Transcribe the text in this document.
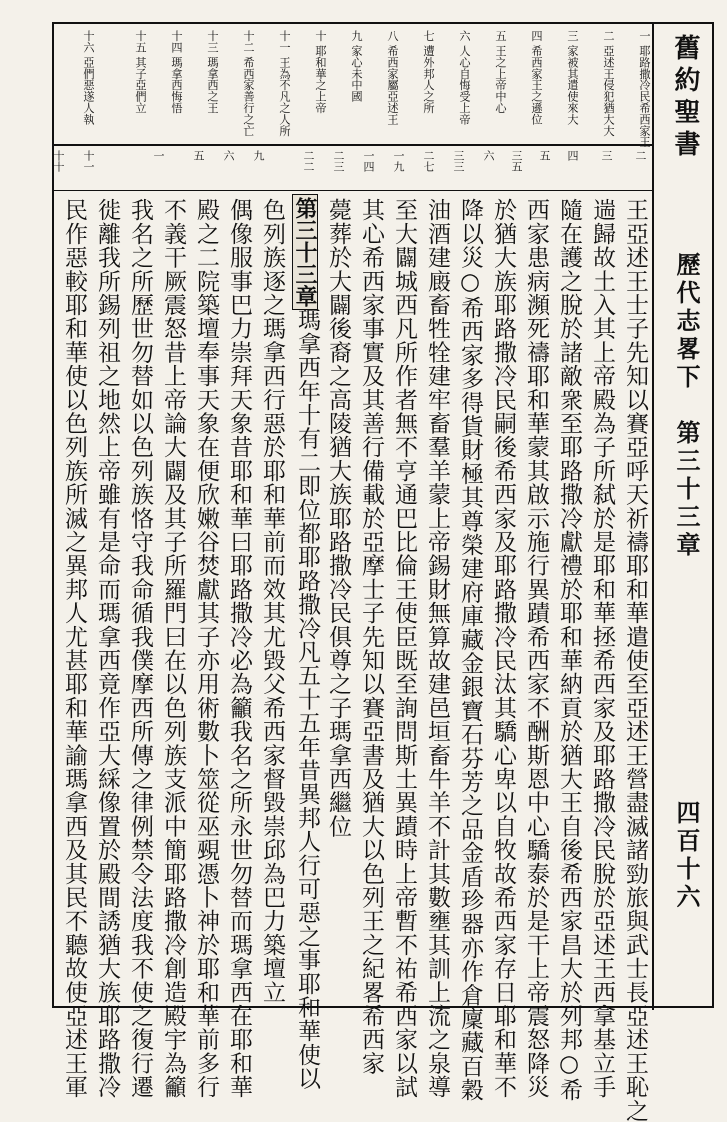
舊約聖書
歷代志畧下　第三十三章
四百十六
一 耶路撒冷民希西家王
二 亞述王侵犯猶大大
三 家被其遣使來大
四 希西家王之遜位
五 王之上帝中心
六 人心自悔受上帝
七 遭外邦人之所
八 希西家屬亞述王
九 家心未中國
十 耶和華之上帝
十一 王為不凡之人所
十二 希西家善行之亡
十三 瑪拿西之王
十四 瑪拿西悔悟
十五 其子亞們立
十六 亞們惡遂人執
二
三
四
五
三五
六
三三
二七
一九
一四
二三
二二
九
六
五
一
十一
十十
王亞述王士子先知以賽亞呼天祈禱耶和華遣使至亞述王營盡滅諸勁旅與武士長亞述王恥之
遄歸故土入其上帝殿為子所弑於是耶和華拯希西家及耶路撒冷民脫於亞述王西拿基立手
隨在護之脫於諸敵衆至耶路撒冷獻禮於耶和華納貢於猶大王自後希西家昌大於列邦○希
西家患病瀕死禱耶和華蒙其啟示施行異蹟希西家不酬斯恩中心驕泰於是干上帝震怒降災
於猶大族耶路撒冷民嗣後希西家及耶路撒冷民汰其驕心卑以自牧故希西家存日耶和華不
降以災○希西家多得貨財極其尊榮建府庫藏金銀寶石芬芳之品金盾珍器亦作倉廩藏百穀
油酒建廄畜牲牷建牢畜羣羊蒙上帝錫財無算故建邑垣畜牛羊不計其數壅其訓上流之泉導
至大闢城西凡所作者無不亨通巴比倫王使臣既至詢問斯土異蹟時上帝暫不祐希西家以試
其心希西家事實及其善行備載於亞摩士子先知以賽亞書及猶大以色列王之紀畧希西家
薨葬於大闢後裔之高陵猶大族耶路撒冷民俱尊之子瑪拿西繼位
第三十三章
瑪拿西年十有二即位都耶路撒冷凡五十五年昔異邦人行可惡之事耶和華使以
色列族逐之瑪拿西行惡於耶和華前而效其尤毀父希西家督毀崇邱為巴力築壇立
偶像服事巴力崇拜天象昔耶和華曰耶路撒冷必為籲我名之所永世勿替而瑪拿西在耶和華
殿之二院築壇奉事天象在便欣嫩谷焚獻其子亦用術數卜筮從巫覡憑卜神於耶和華前多行
不義干厥震怒昔上帝論大闢及其子所羅門曰在以色列族支派中簡耶路撒冷創造殿宇為籲
我名之所歷世勿替如以色列族恪守我命循我僕摩西所傳之律例禁令法度我不使之復行遷
徙離我所錫列祖之地然上帝雖有是命而瑪拿西竟作亞大綵像置於殿間誘猶大族耶路撒冷
民作惡較耶和華使以色列族所滅之異邦人尤甚耶和華諭瑪拿西及其民不聽故使亞述王軍
